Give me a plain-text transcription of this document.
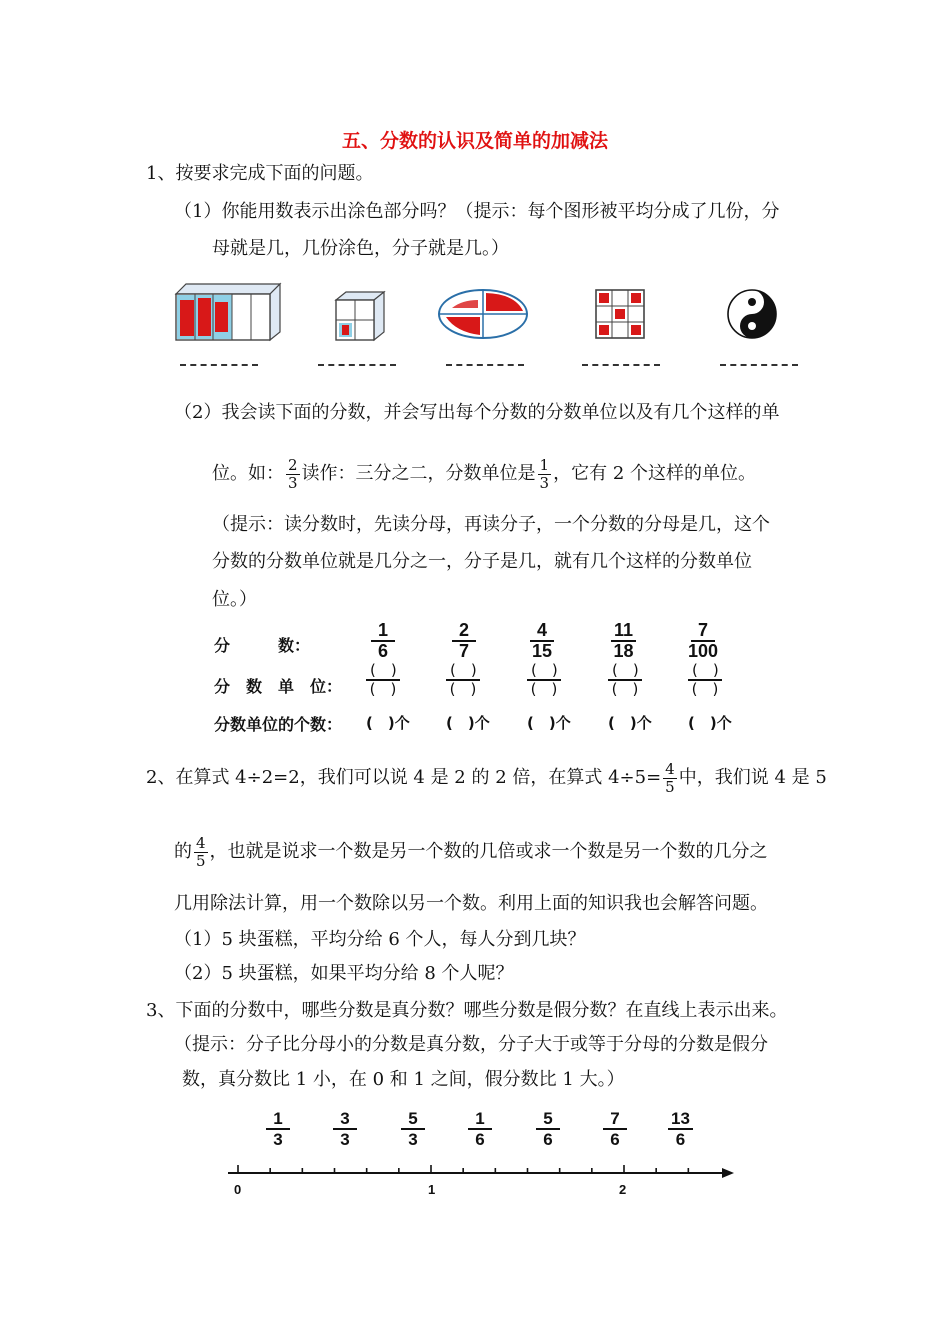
五、分数的认识及简单的加减法
1、按要求完成下面的问题。
（1）你能用数表示出涂色部分吗？（提示：每个图形被平均分成了几份，分
母就是几，几份涂色，分子就是几。）
（2）我会读下面的分数，并会写出每个分数的分数单位以及有几个这样的单
位。如： $\frac{2}{3}$ 读作：三分之二，分数单位是 $\frac{1}{3}$ ，它有 2 个这样的单位。
（提示：读分数时，先读分母，再读分子，一个分数的分母是几，这个
分数的分数单位就是几分之一，分子是几，就有几个这样的分数单位
位。）
分　　　数：
分　数　单　位：
分数单位的个数：
1
6
2
7
4
15
11
18
7
100
(　)
(　)
(　)
(　)
(　)
(　)
(　)
(　)
(　)
(　)
(　)个 (　)个 (　)个 (　)个 (　)个
2、在算式 4÷2=2，我们可以说 4 是 2 的 2 倍，在算式 $4\div 5= \frac{4}{5}$ 中，我们说 4 是 5
的 $\frac{4}{5}$ ，也就是说求一个数是另一个数的几倍或求一个数是另一个数的几分之
几用除法计算，用一个数除以另一个数。利用上面的知识我也会解答问题。
（1）5 块蛋糕，平均分给 6 个人，每人分到几块？
（2）5 块蛋糕，如果平均分给 8 个人呢？
3、下面的分数中，哪些分数是真分数？哪些分数是假分数？在直线上表示出来。
（提示：分子比分母小的分数是真分数，分子大于或等于分母的分数是假分
数，真分数比 1 小，在 0 和 1 之间，假分数比 1 大。）
1
3
3
3
5
3
1
6
5
6
7
6
13
6
0	1	2
